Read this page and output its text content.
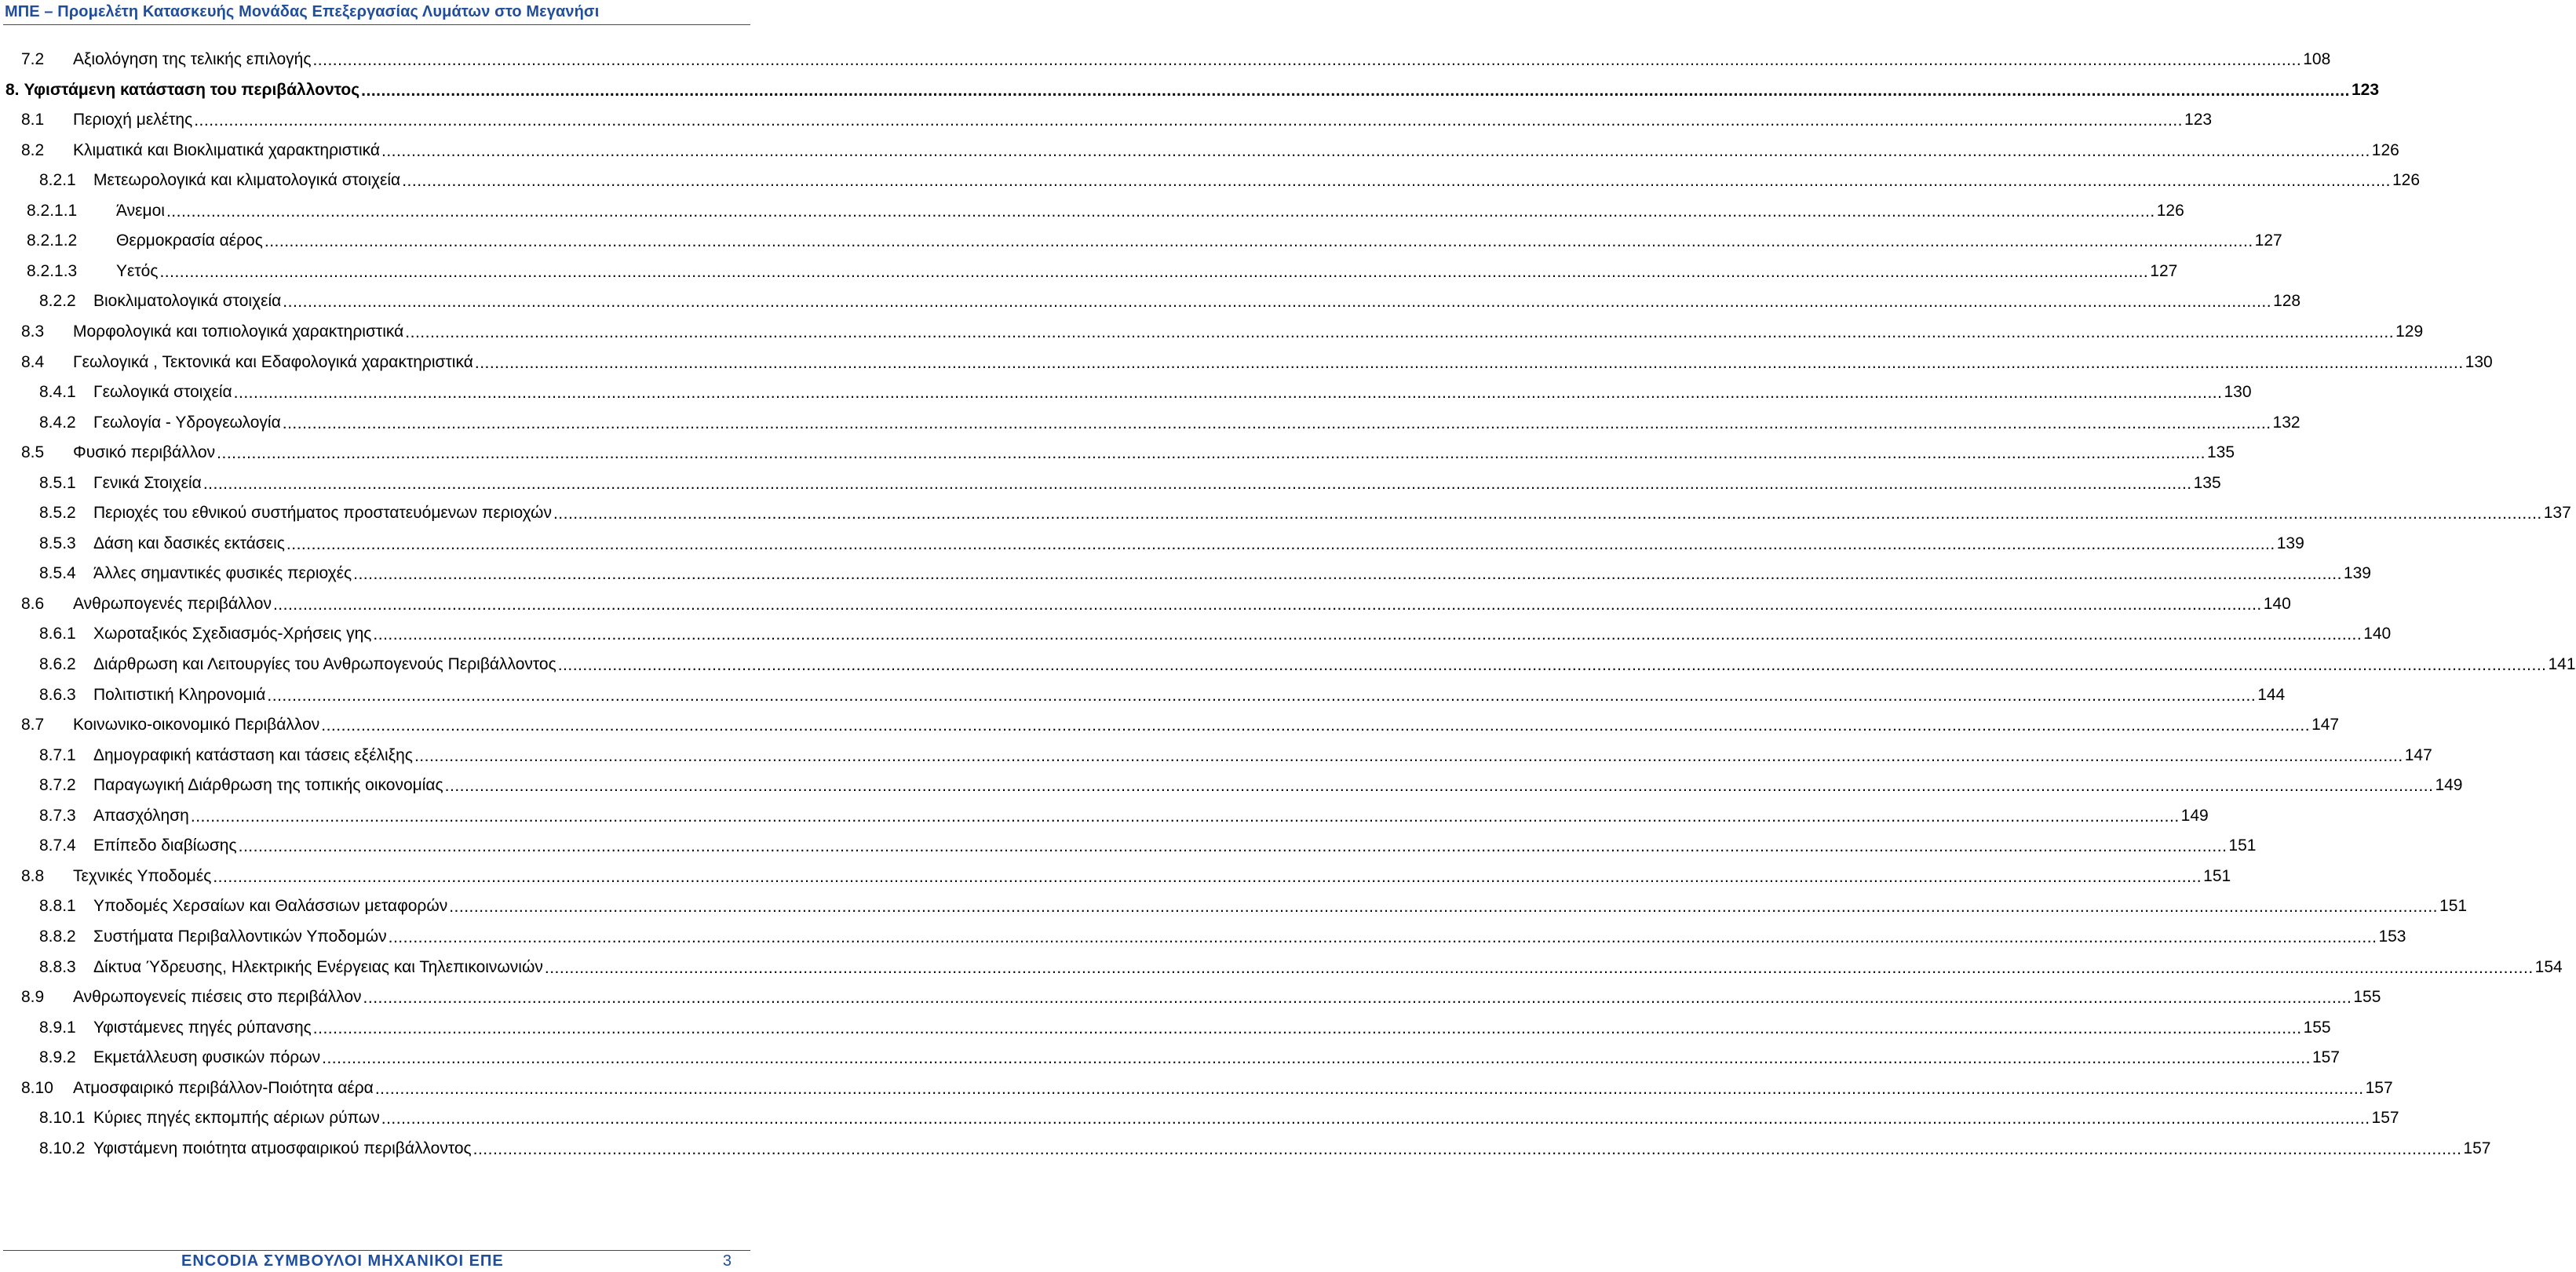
ΜΠΕ – Προμελέτη Κατασκευής Μονάδας Επεξεργασίας Λυμάτων στο Μεγανήσι
7.2	Αξιολόγηση της τελικής επιλογής ................................................................................................................................................................................................................................................................................................................................................................................................................ 108
8. Υφιστάμενη κατάσταση του περιβάλλοντος ................................................................................................................................................................................................................................................................................................................................................................................................................ 123
8.1	Περιοχή μελέτης ................................................................................................................................................................................................................................................................................................................................................................................................................ 123
8.2	Κλιματικά και Βιοκλιματικά χαρακτηριστικά ................................................................................................................................................................................................................................................................................................................................................................................................................ 126
8.2.1	Μετεωρολογικά και κλιματολογικά στοιχεία ................................................................................................................................................................................................................................................................................................................................................................................................................ 126
8.2.1.1	Άνεμοι ................................................................................................................................................................................................................................................................................................................................................................................................................ 126
8.2.1.2	Θερμοκρασία αέρος ................................................................................................................................................................................................................................................................................................................................................................................................................ 127
8.2.1.3	Υετός ................................................................................................................................................................................................................................................................................................................................................................................................................ 127
8.2.2	Βιοκλιματολογικά στοιχεία ................................................................................................................................................................................................................................................................................................................................................................................................................ 128
8.3	Μορφολογικά και τοπιολογικά χαρακτηριστικά ................................................................................................................................................................................................................................................................................................................................................................................................................ 129
8.4	Γεωλογικά , Τεκτονικά και Εδαφολογικά χαρακτηριστικά ................................................................................................................................................................................................................................................................................................................................................................................................................ 130
8.4.1	Γεωλογικά στοιχεία ................................................................................................................................................................................................................................................................................................................................................................................................................ 130
8.4.2	Γεωλογία - Υδρογεωλογία ................................................................................................................................................................................................................................................................................................................................................................................................................ 132
8.5	Φυσικό περιβάλλον ................................................................................................................................................................................................................................................................................................................................................................................................................ 135
8.5.1	Γενικά Στοιχεία ................................................................................................................................................................................................................................................................................................................................................................................................................ 135
8.5.2	Περιοχές του εθνικού συστήματος προστατευόμενων περιοχών ................................................................................................................................................................................................................................................................................................................................................................................................................ 137
8.5.3	Δάση και δασικές εκτάσεις ................................................................................................................................................................................................................................................................................................................................................................................................................ 139
8.5.4	Άλλες σημαντικές φυσικές περιοχές ................................................................................................................................................................................................................................................................................................................................................................................................................ 139
8.6	Ανθρωπογενές περιβάλλον ................................................................................................................................................................................................................................................................................................................................................................................................................ 140
8.6.1	Χωροταξικός Σχεδιασμός-Χρήσεις γης ................................................................................................................................................................................................................................................................................................................................................................................................................ 140
8.6.2	Διάρθρωση και Λειτουργίες του Ανθρωπογενούς Περιβάλλοντος ................................................................................................................................................................................................................................................................................................................................................................................................................ 141
8.6.3	Πολιτιστική Κληρονομιά ................................................................................................................................................................................................................................................................................................................................................................................................................ 144
8.7	Κοινωνικο-οικονομικό Περιβάλλον ................................................................................................................................................................................................................................................................................................................................................................................................................ 147
8.7.1	Δημογραφική κατάσταση και τάσεις εξέλιξης ................................................................................................................................................................................................................................................................................................................................................................................................................ 147
8.7.2	Παραγωγική Διάρθρωση της τοπικής οικονομίας ................................................................................................................................................................................................................................................................................................................................................................................................................ 149
8.7.3	Απασχόληση ................................................................................................................................................................................................................................................................................................................................................................................................................ 149
8.7.4	Επίπεδο διαβίωσης ................................................................................................................................................................................................................................................................................................................................................................................................................ 151
8.8	Τεχνικές Υποδομές ................................................................................................................................................................................................................................................................................................................................................................................................................ 151
8.8.1	Υποδομές Χερσαίων και Θαλάσσιων μεταφορών ................................................................................................................................................................................................................................................................................................................................................................................................................ 151
8.8.2	Συστήματα Περιβαλλοντικών Υποδομών ................................................................................................................................................................................................................................................................................................................................................................................................................ 153
8.8.3	Δίκτυα Ύδρευσης, Ηλεκτρικής Ενέργειας και Τηλεπικοινωνιών ................................................................................................................................................................................................................................................................................................................................................................................................................ 154
8.9	Ανθρωπογενείς πιέσεις στο περιβάλλον ................................................................................................................................................................................................................................................................................................................................................................................................................ 155
8.9.1	Υφιστάμενες πηγές ρύπανσης ................................................................................................................................................................................................................................................................................................................................................................................................................ 155
8.9.2	Εκμετάλλευση φυσικών πόρων ................................................................................................................................................................................................................................................................................................................................................................................................................ 157
8.10	Ατμοσφαιρικό περιβάλλον-Ποιότητα αέρα ................................................................................................................................................................................................................................................................................................................................................................................................................ 157
8.10.1 Κύριες πηγές εκπομπής αέριων ρύπων ................................................................................................................................................................................................................................................................................................................................................................................................................ 157
8.10.2 Υφιστάμενη ποιότητα ατμοσφαιρικού περιβάλλοντος ................................................................................................................................................................................................................................................................................................................................................................................................................ 157
ENCODIA ΣΥΜΒΟΥΛΟΙ ΜΗΧΑΝΙΚΟΙ ΕΠΕ	3
